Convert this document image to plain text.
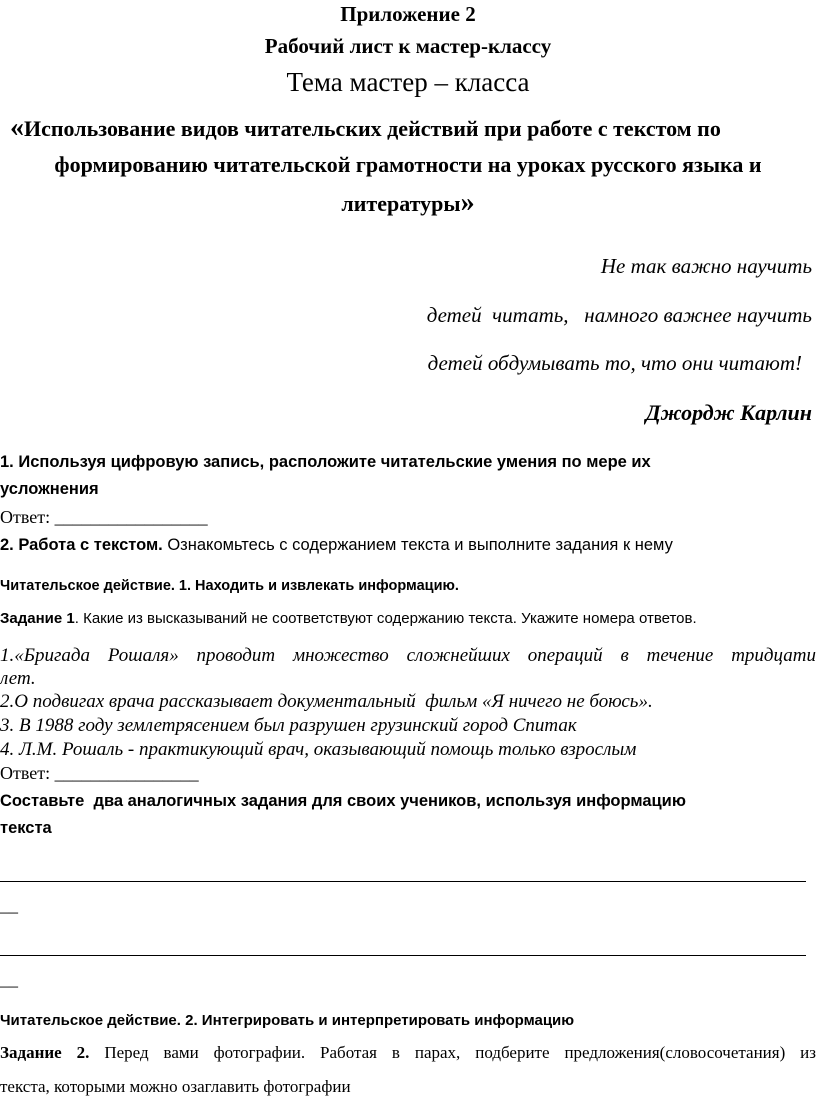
Приложение 2
Рабочий лист к мастер-классу
Тема мастер – класса
«Использование видов читательских действий при работе с текстом по
формированию читательской грамотности на уроках русского языка и
литературы»
Не так важно научить
детей  читать,   намного важнее научить
детей обдумывать то, что они читают!
Джордж Карлин
1. Используя цифровую запись, расположите читательские умения по мере их
усложнения
Ответ: _________________
2. Работа с текстом. Ознакомьтесь с содержанием текста и выполните задания к нему
Читательское действие. 1. Находить и извлекать информацию.
Задание 1. Какие из высказываний не соответствуют содержанию текста. Укажите номера ответов.
1.«Бригада Рошаля» проводит множество сложнейших операций в течение тридцати
лет.
2.О подвигах врача рассказывает документальный  фильм «Я ничего не боюсь».
3. В 1988 году землетрясением был разрушен грузинский город Спитак
4. Л.М. Рошаль - практикующий врач, оказывающий помощь только взрослым
Ответ: ________________
Составьте  два аналогичных задания для своих учеников, используя информацию
текста
__
__
Читательское действие. 2. Интегрировать и интерпретировать информацию
Задание 2. Перед вами фотографии. Работая в парах, подберите предложения(словосочетания) из
текста, которыми можно озаглавить фотографии
